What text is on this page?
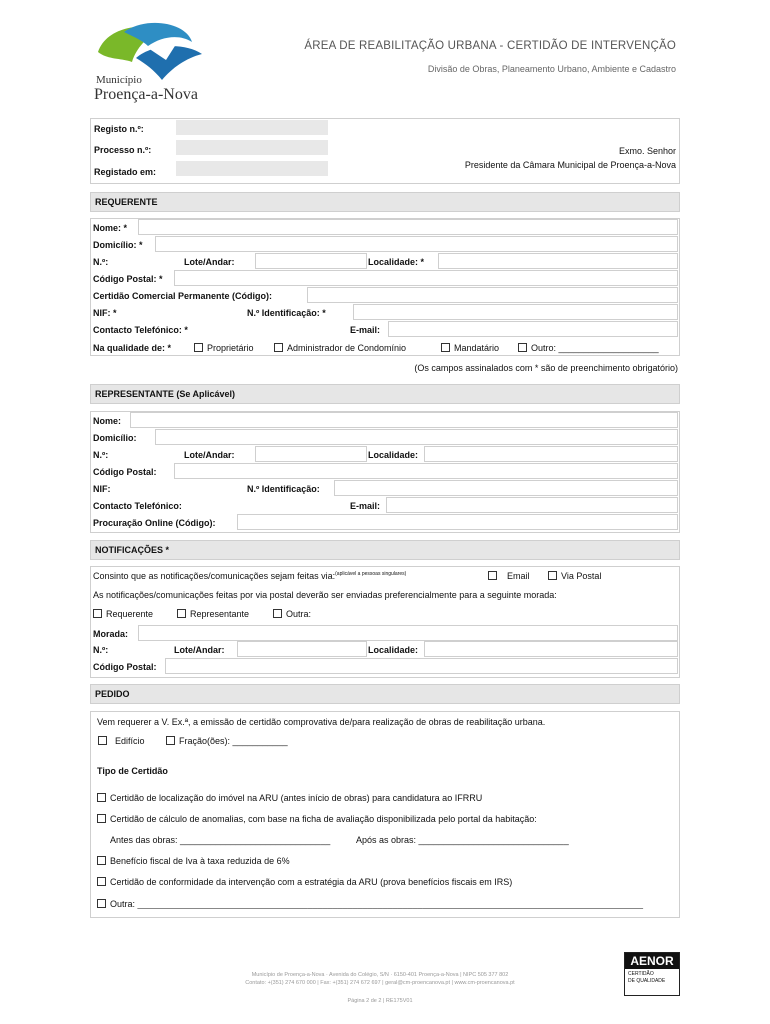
Município
Proença-a-Nova
ÁREA DE REABILITAÇÃO URBANA - CERTIDÃO DE INTERVENÇÃO
Divisão de Obras, Planeamento Urbano, Ambiente e Cadastro
Registo n.º:
Processo n.º:
Registado em:
Exmo. Senhor
Presidente da Câmara Municipal de Proença-a-Nova
REQUERENTE
Nome: *
Domicílio: *
N.º:	Lote/Andar:	Localidade: *
Código Postal: *
Certidão Comercial Permanente (Código):
NIF: *	N.º Identificação: *
Contacto Telefónico: *	E-mail:
Na qualidade de: *	Proprietário	Administrador de Condomínio	Mandatário	Outro: ____________________
(Os campos assinalados com * são de preenchimento obrigatório)
REPRESENTANTE (Se Aplicável)
Nome:
Domicílio:
N.º:	Lote/Andar:	Localidade:
Código Postal:
NIF:	N.º Identificação:
Contacto Telefónico:	E-mail:
Procuração Online (Código):
NOTIFICAÇÕES *
Consinto que as notificações/comunicações sejam feitas via:$^{(aplicável a pessoas singulares)}$	Email	Via Postal
As notificações/comunicações feitas por via postal deverão ser enviadas preferencialmente para a seguinte morada:
Requerente	Representante	Outra:
Morada:
N.º:	Lote/Andar:	Localidade:
Código Postal:
PEDIDO
Vem requerer a V. Ex.ª, a emissão de certidão comprovativa de/para realização de obras de reabilitação urbana.
Edifício	Fração(ões): ___________
Tipo de Certidão
Certidão de localização do imóvel na ARU (antes início de obras) para candidatura ao IFRRU
Certidão de cálculo de anomalias, com base na ficha de avaliação disponibilizada pelo portal da habitação:
Antes das obras: ______________________________	Após as obras: ______________________________
Benefício fiscal de Iva à taxa reduzida de 6%
Certidão de conformidade da intervenção com a estratégia da ARU (prova benefícios fiscais em IRS)
Outra: _____________________________________________________________________________________________________
Município de Proença-a-Nova · Avenida do Colégio, S/N · 6150-401 Proença-a-Nova | NIPC 505 377 802
Contato: +(351) 274 670 000 | Fax: +(351) 274 672 697 | geral@cm-proencanova.pt | www.cm-proencanova.pt
Página 2 de 2 | RE175V01
AENOR
CERTIDÃO
DE QUALIDADE
